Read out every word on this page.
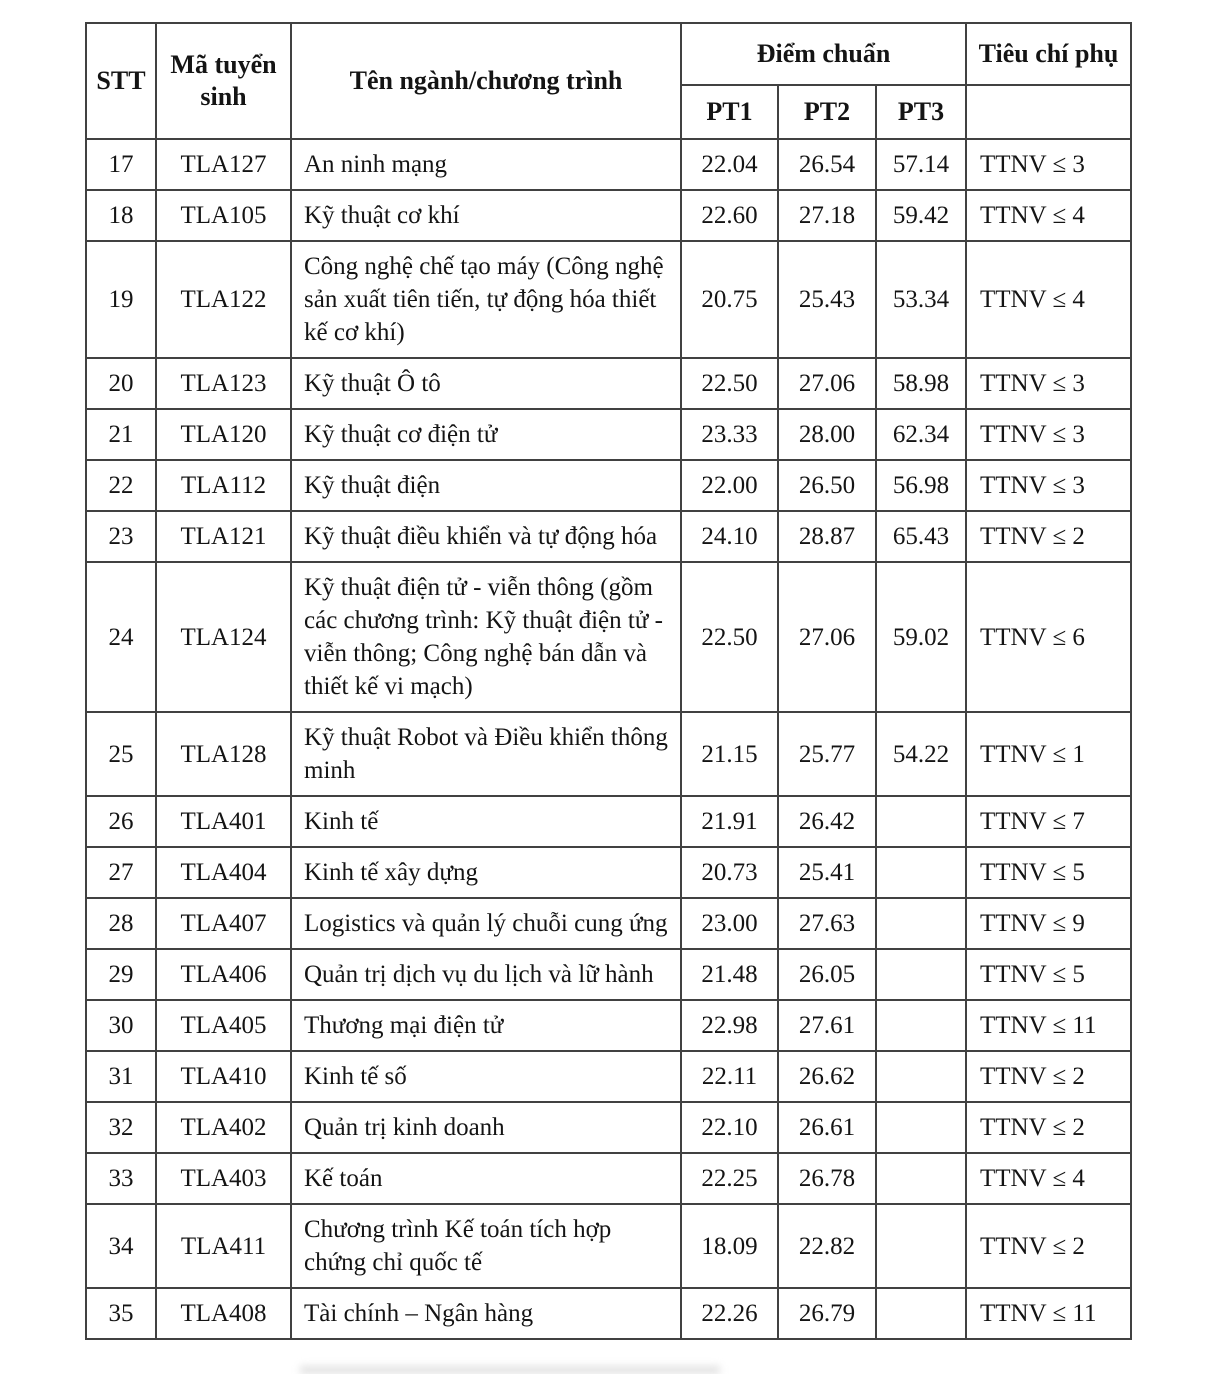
STT	Mã tuyển sinh	Tên ngành/chương trình	Điểm chuẩn			Tiêu chí phụ
			PT1	PT2	PT3	
17	TLA127	An ninh mạng	22.04	26.54	57.14	TTNV ≤ 3
18	TLA105	Kỹ thuật cơ khí	22.60	27.18	59.42	TTNV ≤ 4
19	TLA122	Công nghệ chế tạo máy (Công nghệ sản xuất tiên tiến, tự động hóa thiết kế cơ khí)	20.75	25.43	53.34	TTNV ≤ 4
20	TLA123	Kỹ thuật Ô tô	22.50	27.06	58.98	TTNV ≤ 3
21	TLA120	Kỹ thuật cơ điện tử	23.33	28.00	62.34	TTNV ≤ 3
22	TLA112	Kỹ thuật điện	22.00	26.50	56.98	TTNV ≤ 3
23	TLA121	Kỹ thuật điều khiển và tự động hóa	24.10	28.87	65.43	TTNV ≤ 2
24	TLA124	Kỹ thuật điện tử - viễn thông (gồm các chương trình: Kỹ thuật điện tử - viễn thông; Công nghệ bán dẫn và thiết kế vi mạch)	22.50	27.06	59.02	TTNV ≤ 6
25	TLA128	Kỹ thuật Robot và Điều khiển thông minh	21.15	25.77	54.22	TTNV ≤ 1
26	TLA401	Kinh tế	21.91	26.42		TTNV ≤ 7
27	TLA404	Kinh tế xây dựng	20.73	25.41		TTNV ≤ 5
28	TLA407	Logistics và quản lý chuỗi cung ứng	23.00	27.63		TTNV ≤ 9
29	TLA406	Quản trị dịch vụ du lịch và lữ hành	21.48	26.05		TTNV ≤ 5
30	TLA405	Thương mại điện tử	22.98	27.61		TTNV ≤ 11
31	TLA410	Kinh tế số	22.11	26.62		TTNV ≤ 2
32	TLA402	Quản trị kinh doanh	22.10	26.61		TTNV ≤ 2
33	TLA403	Kế toán	22.25	26.78		TTNV ≤ 4
34	TLA411	Chương trình Kế toán tích hợp chứng chỉ quốc tế	18.09	22.82		TTNV ≤ 2
35	TLA408	Tài chính – Ngân hàng	22.26	26.79		TTNV ≤ 11
